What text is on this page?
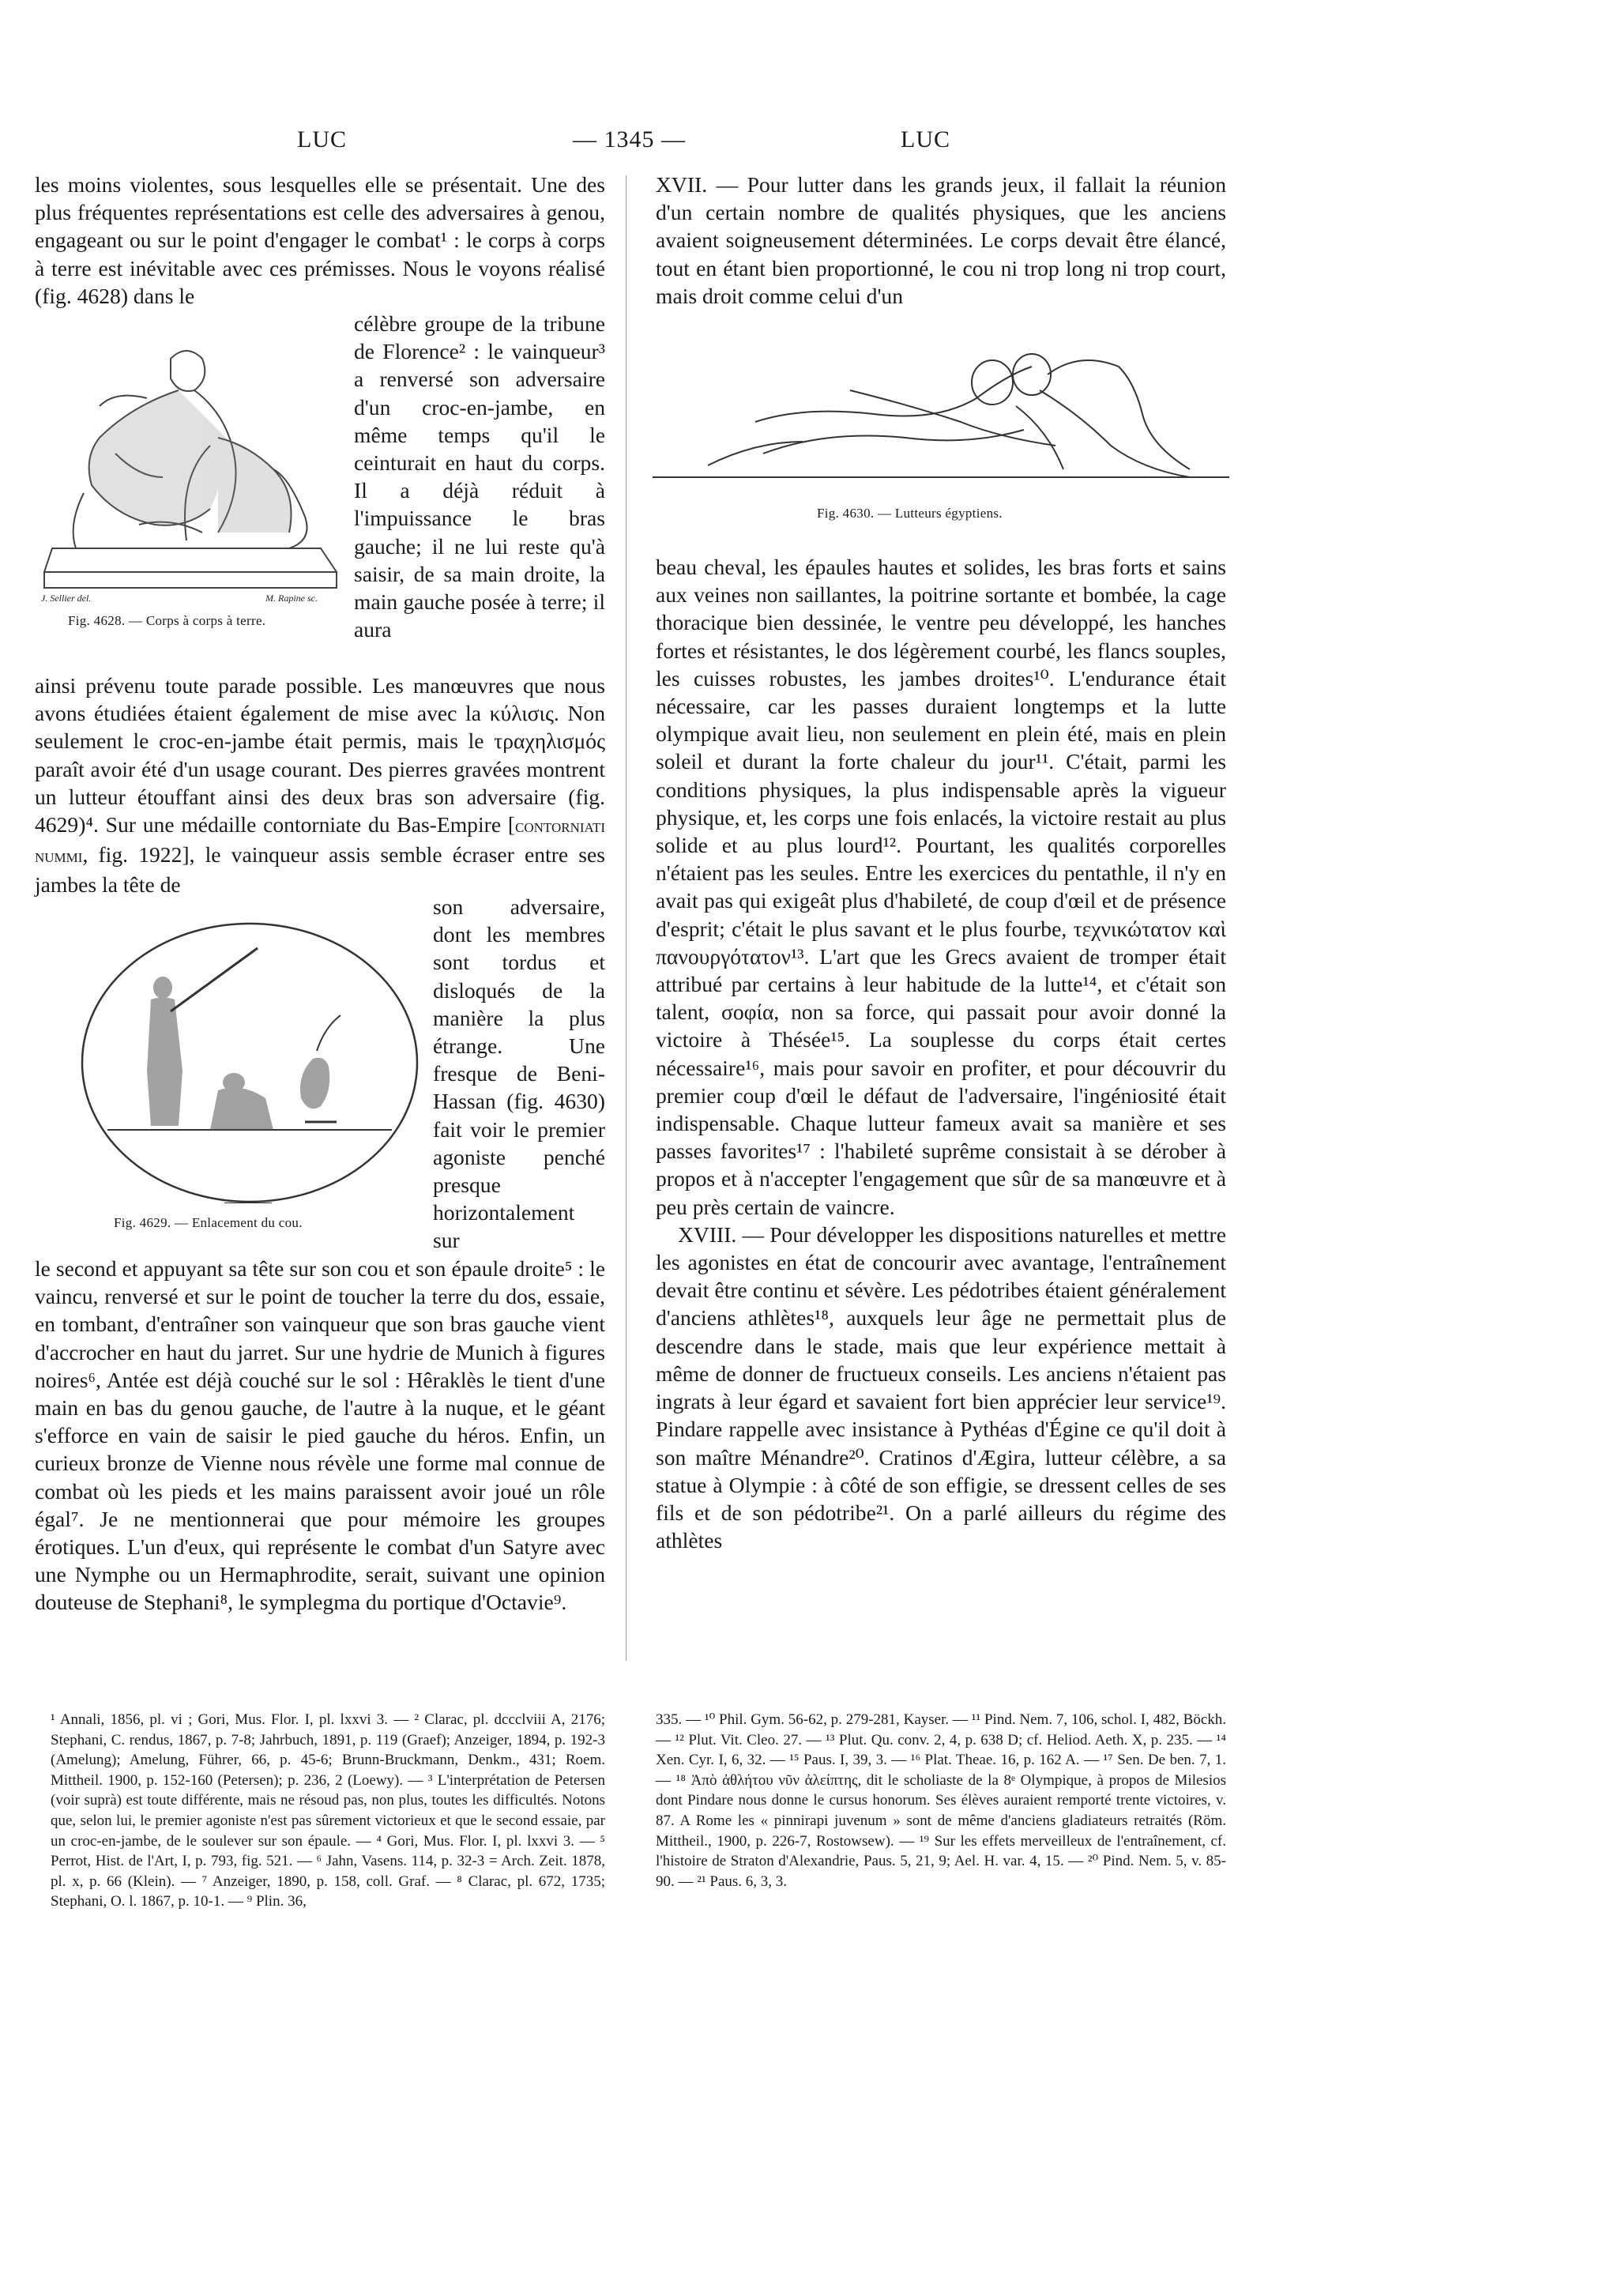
LUC	— 1345 —	LUC

les moins violentes, sous lesquelles elle se présentait. Une des plus fréquentes représentations est celle des adversaires à genou, engageant ou sur le point d'engager le combat¹ : le corps à corps à terre est inévitable avec ces prémisses. Nous le voyons réalisé (fig. 4628) dans le

J. Sellier del.	M. Rapine sc.
Fig. 4628. — Corps à corps à terre.

célèbre groupe de la tribune de Florence² : le vainqueur³ a renversé son adversaire d'un croc-en-jambe, en même temps qu'il le ceinturait en haut du corps. Il a déjà réduit à l'impuissance le bras gauche; il ne lui reste qu'à saisir, de sa main droite, la main gauche posée à terre; il aura

ainsi prévenu toute parade possible. Les manœuvres que nous avons étudiées étaient également de mise avec la κύλισις. Non seulement le croc-en-jambe était permis, mais le τραχηλισμός paraît avoir été d'un usage courant. Des pierres gravées montrent un lutteur étouffant ainsi des deux bras son adversaire (fig. 4629)⁴. Sur une médaille contorniate du Bas-Empire [contorniati nummi, fig. 1922], le vainqueur assis semble écraser entre ses jambes la tête de

Fig. 4629. — Enlacement du cou.

son adversaire, dont les membres sont tordus et disloqués de la manière la plus étrange. Une fresque de Beni-Hassan (fig. 4630) fait voir le premier agoniste penché presque horizontalement sur

le second et appuyant sa tête sur son cou et son épaule droite⁵ : le vaincu, renversé et sur le point de toucher la terre du dos, essaie, en tombant, d'entraîner son vainqueur que son bras gauche vient d'accrocher en haut du jarret. Sur une hydrie de Munich à figures noires⁶, Antée est déjà couché sur le sol : Hêraklès le tient d'une main en bas du genou gauche, de l'autre à la nuque, et le géant s'efforce en vain de saisir le pied gauche du héros. Enfin, un curieux bronze de Vienne nous révèle une forme mal connue de combat où les pieds et les mains paraissent avoir joué un rôle égal⁷. Je ne mentionnerai que pour mémoire les groupes érotiques. L'un d'eux, qui représente le combat d'un Satyre avec une Nymphe ou un Hermaphrodite, serait, suivant une opinion douteuse de Stephani⁸, le symplegma du portique d'Octavie⁹.

¹ Annali, 1856, pl. vi ; Gori, Mus. Flor. I, pl. lxxvi 3. — ² Clarac, pl. dccclviii A, 2176; Stephani, C. rendus, 1867, p. 7-8; Jahrbuch, 1891, p. 119 (Graef); Anzeiger, 1894, p. 192-3 (Amelung); Amelung, Führer, 66, p. 45-6; Brunn-Bruckmann, Denkm., 431; Roem. Mittheil. 1900, p. 152-160 (Petersen); p. 236, 2 (Loewy). — ³ L'interprétation de Petersen (voir suprà) est toute différente, mais ne résoud pas, non plus, toutes les difficultés. Notons que, selon lui, le premier agoniste n'est pas sûrement victorieux et que le second essaie, par un croc-en-jambe, de le soulever sur son épaule. — ⁴ Gori, Mus. Flor. I, pl. lxxvi 3. — ⁵ Perrot, Hist. de l'Art, I, p. 793, fig. 521. — ⁶ Jahn, Vasens. 114, p. 32-3 = Arch. Zeit. 1878, pl. x, p. 66 (Klein). — ⁷ Anzeiger, 1890, p. 158, coll. Graf. — ⁸ Clarac, pl. 672, 1735; Stephani, O. l. 1867, p. 10-1. — ⁹ Plin. 36,

XVII. — Pour lutter dans les grands jeux, il fallait la réunion d'un certain nombre de qualités physiques, que les anciens avaient soigneusement déterminées. Le corps devait être élancé, tout en étant bien proportionné, le cou ni trop long ni trop court, mais droit comme celui d'un

Fig. 4630. — Lutteurs égyptiens.

beau cheval, les épaules hautes et solides, les bras forts et sains aux veines non saillantes, la poitrine sortante et bombée, la cage thoracique bien dessinée, le ventre peu développé, les hanches fortes et résistantes, le dos légèrement courbé, les flancs souples, les cuisses robustes, les jambes droites¹⁰. L'endurance était nécessaire, car les passes duraient longtemps et la lutte olympique avait lieu, non seulement en plein été, mais en plein soleil et durant la forte chaleur du jour¹¹. C'était, parmi les conditions physiques, la plus indispensable après la vigueur physique, et, les corps une fois enlacés, la victoire restait au plus solide et au plus lourd¹². Pourtant, les qualités corporelles n'étaient pas les seules. Entre les exercices du pentathle, il n'y en avait pas qui exigeât plus d'habileté, de coup d'œil et de présence d'esprit; c'était le plus savant et le plus fourbe, τεχνικώτατον καὶ πανουργότατον¹³. L'art que les Grecs avaient de tromper était attribué par certains à leur habitude de la lutte¹⁴, et c'était son talent, σοφία, non sa force, qui passait pour avoir donné la victoire à Thésée¹⁵. La souplesse du corps était certes nécessaire¹⁶, mais pour savoir en profiter, et pour découvrir du premier coup d'œil le défaut de l'adversaire, l'ingéniosité était indispensable. Chaque lutteur fameux avait sa manière et ses passes favorites¹⁷ : l'habileté suprême consistait à se dérober à propos et à n'accepter l'engagement que sûr de sa manœuvre et à peu près certain de vaincre.

XVIII. — Pour développer les dispositions naturelles et mettre les agonistes en état de concourir avec avantage, l'entraînement devait être continu et sévère. Les pédotribes étaient généralement d'anciens athlètes¹⁸, auxquels leur âge ne permettait plus de descendre dans le stade, mais que leur expérience mettait à même de donner de fructueux conseils. Les anciens n'étaient pas ingrats à leur égard et savaient fort bien apprécier leur service¹⁹. Pindare rappelle avec insistance à Pythéas d'Égine ce qu'il doit à son maître Ménandre²⁰. Cratinos d'Ægira, lutteur célèbre, a sa statue à Olympie : à côté de son effigie, se dressent celles de ses fils et de son pédotribe²¹. On a parlé ailleurs du régime des athlètes

335. — ¹⁰ Phil. Gym. 56-62, p. 279-281, Kayser. — ¹¹ Pind. Nem. 7, 106, schol. I, 482, Böckh. — ¹² Plut. Vit. Cleo. 27. — ¹³ Plut. Qu. conv. 2, 4, p. 638 D; cf. Heliod. Aeth. X, p. 235. — ¹⁴ Xen. Cyr. I, 6, 32. — ¹⁵ Paus. I, 39, 3. — ¹⁶ Plat. Theae. 16, p. 162 A. — ¹⁷ Sen. De ben. 7, 1. — ¹⁸ Ἀπὸ ἀθλήτου νῦν ἀλείπτης, dit le scholiaste de la 8ᵉ Olympique, à propos de Milesios dont Pindare nous donne le cursus honorum. Ses élèves auraient remporté trente victoires, v. 87. A Rome les « pinnirapi juvenum » sont de même d'anciens gladiateurs retraités (Röm. Mittheil., 1900, p. 226-7, Rostowsew). — ¹⁹ Sur les effets merveilleux de l'entraînement, cf. l'histoire de Straton d'Alexandrie, Paus. 5, 21, 9; Ael. H. var. 4, 15. — ²⁰ Pind. Nem. 5, v. 85-90. — ²¹ Paus. 6, 3, 3.
